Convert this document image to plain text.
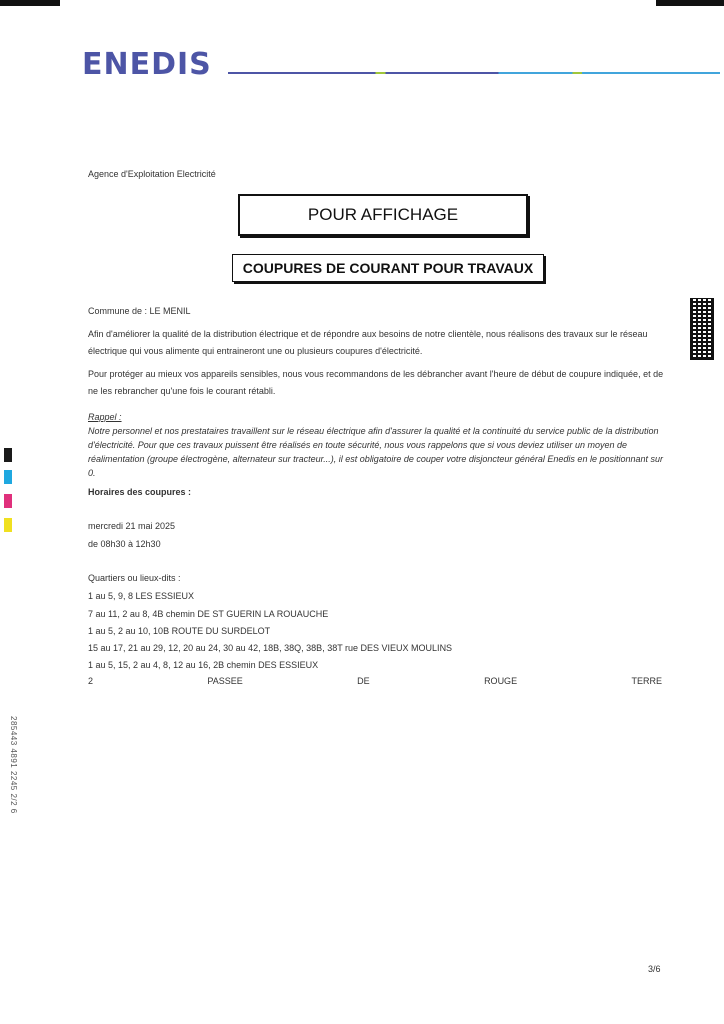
ENEDIS
Agence d'Exploitation Electricité
POUR AFFICHAGE
COUPURES DE COURANT POUR TRAVAUX
Commune de : LE MENIL
Afin d'améliorer la qualité de la distribution électrique et de répondre aux besoins de notre clientèle, nous réalisons des travaux sur le réseau électrique qui vous alimente qui entraineront une ou plusieurs coupures d'électricité.
Pour protéger au mieux vos appareils sensibles, nous vous recommandons de les débrancher avant l'heure de début de coupure indiquée, et de ne les rebrancher qu'une fois le courant rétabli.
Rappel :
Notre personnel et nos prestataires travaillent sur le réseau électrique afin d'assurer la qualité et la continuité du service public de la distribution d'électricité. Pour que ces travaux puissent être réalisés en toute sécurité, nous vous rappelons que si vous deviez utiliser un moyen de réalimentation (groupe électrogène, alternateur sur tracteur...), il est obligatoire de couper votre disjoncteur général Enedis en le positionnant sur 0.
Horaires des coupures :
mercredi 21 mai 2025
de 08h30 à 12h30
Quartiers ou lieux-dits :
1 au 5, 9, 8 LES ESSIEUX
7 au 11, 2 au 8, 4B chemin DE ST GUERIN LA ROUAUCHE
1 au 5, 2 au 10, 10B ROUTE DU SURDELOT
15 au 17, 21 au 29, 12, 20 au 24, 30 au 42, 18B, 38Q, 38B, 38T rue DES VIEUX MOULINS
1 au 5, 15, 2 au 4, 8, 12 au 16, 2B chemin DES ESSIEUX
2	PASSEE	DE	ROUGE	TERRE
285443 4891 2245 2/2 6
3/6
